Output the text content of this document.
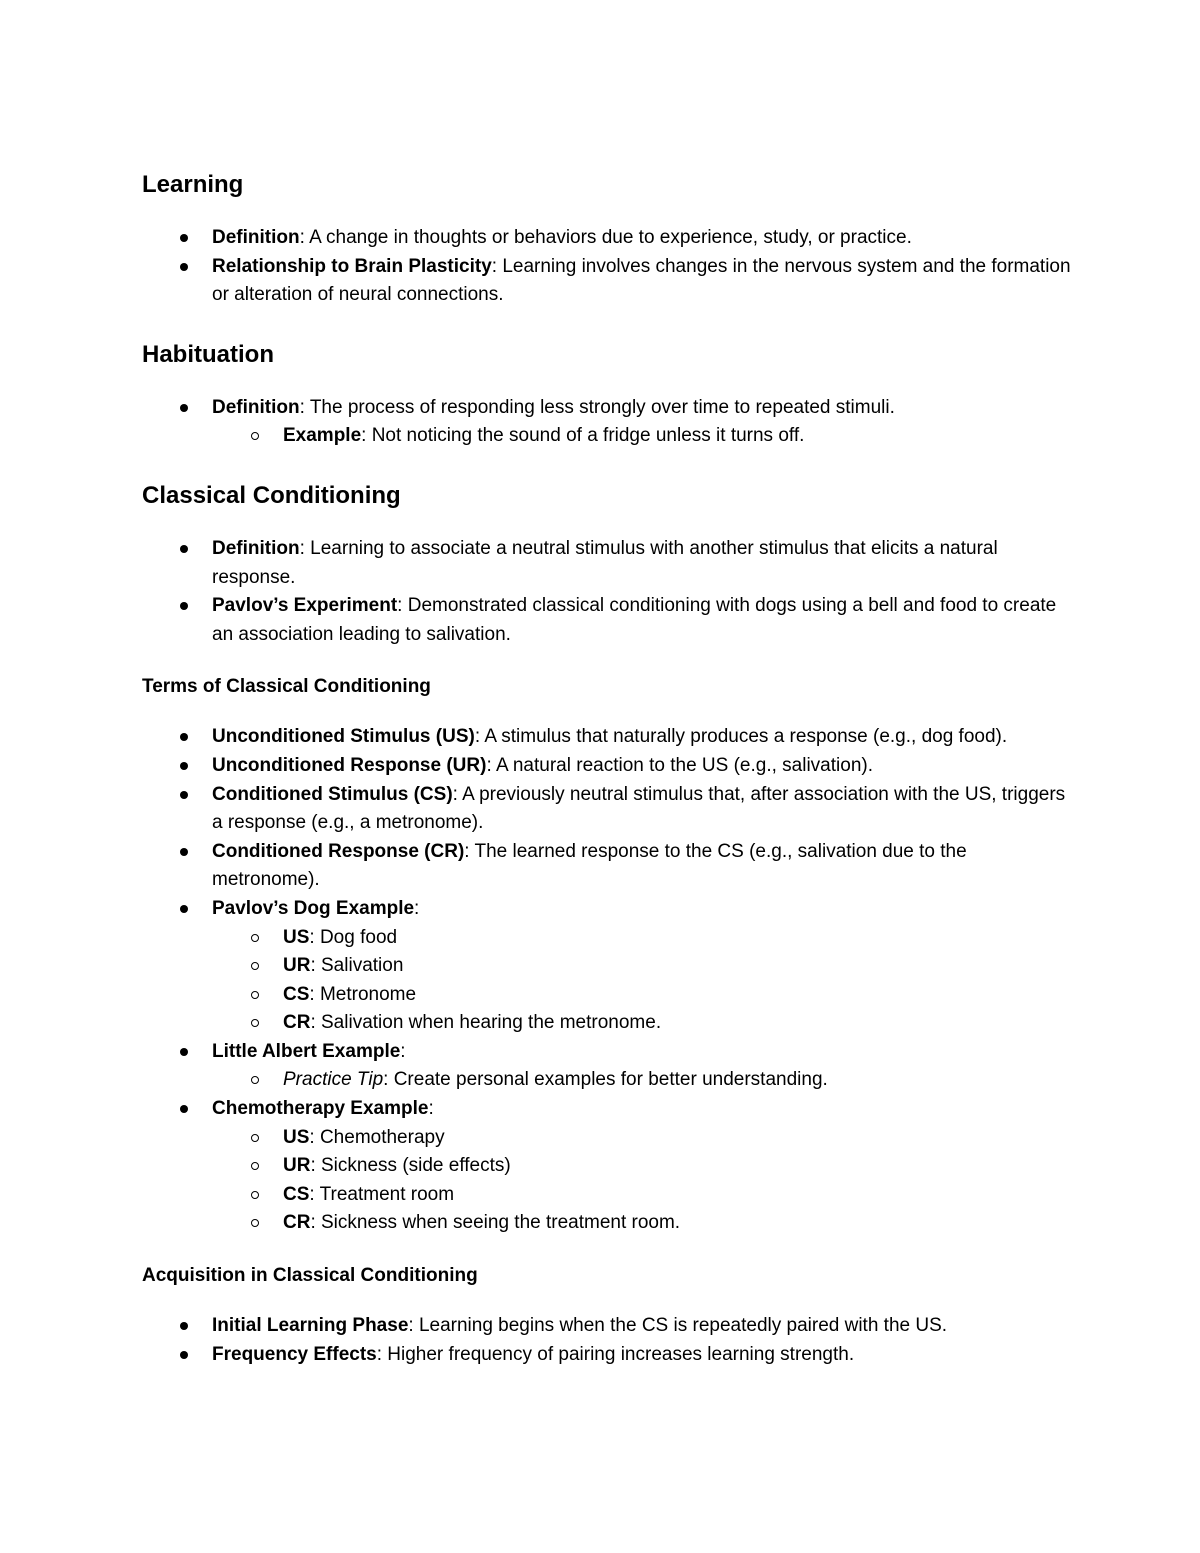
Learning
Definition: A change in thoughts or behaviors due to experience, study, or practice.
Relationship to Brain Plasticity: Learning involves changes in the nervous system and the formation or alteration of neural connections.
Habituation
Definition: The process of responding less strongly over time to repeated stimuli.
Example: Not noticing the sound of a fridge unless it turns off.
Classical Conditioning
Definition: Learning to associate a neutral stimulus with another stimulus that elicits a natural response.
Pavlov’s Experiment: Demonstrated classical conditioning with dogs using a bell and food to create an association leading to salivation.
Terms of Classical Conditioning
Unconditioned Stimulus (US): A stimulus that naturally produces a response (e.g., dog food).
Unconditioned Response (UR): A natural reaction to the US (e.g., salivation).
Conditioned Stimulus (CS): A previously neutral stimulus that, after association with the US, triggers a response (e.g., a metronome).
Conditioned Response (CR): The learned response to the CS (e.g., salivation due to the metronome).
Pavlov’s Dog Example:
US: Dog food
UR: Salivation
CS: Metronome
CR: Salivation when hearing the metronome.
Little Albert Example:
Practice Tip: Create personal examples for better understanding.
Chemotherapy Example:
US: Chemotherapy
UR: Sickness (side effects)
CS: Treatment room
CR: Sickness when seeing the treatment room.
Acquisition in Classical Conditioning
Initial Learning Phase: Learning begins when the CS is repeatedly paired with the US.
Frequency Effects: Higher frequency of pairing increases learning strength.
